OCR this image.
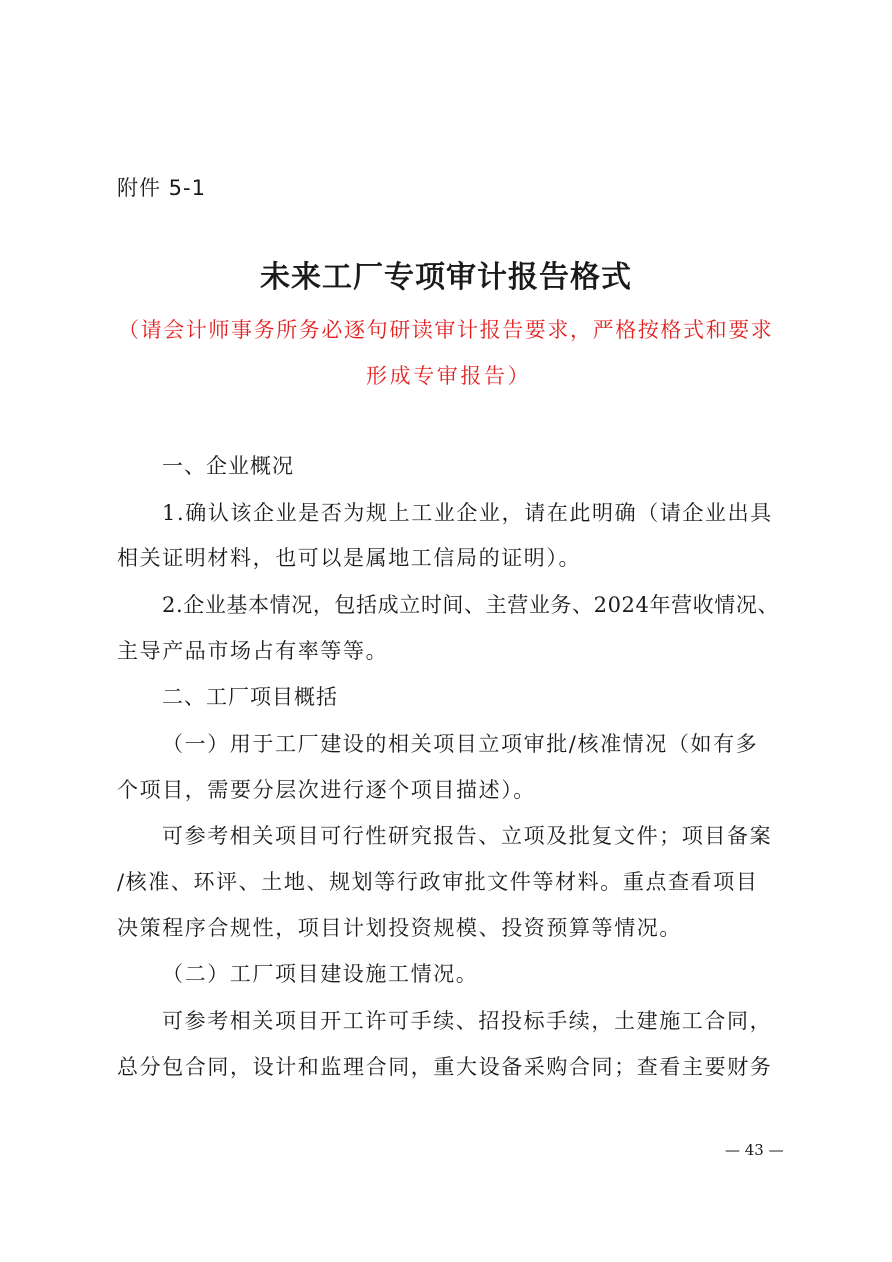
附件 5-1
未来工厂专项审计报告格式
（请会计师事务所务必逐句研读审计报告要求，严格按格式和要求
形成专审报告）
一、企业概况
1.确认该企业是否为规上工业企业，请在此明确（请企业出具
相关证明材料，也可以是属地工信局的证明）。
2.企业基本情况，包括成立时间、主营业务、2024年营收情况、
主导产品市场占有率等等。
二、工厂项目概括
（一）用于工厂建设的相关项目立项审批/核准情况（如有多
个项目，需要分层次进行逐个项目描述）。
可参考相关项目可行性研究报告、立项及批复文件；项目备案
/核准、环评、土地、规划等行政审批文件等材料。重点查看项目
决策程序合规性，项目计划投资规模、投资预算等情况。
（二）工厂项目建设施工情况。
可参考相关项目开工许可手续、招投标手续，土建施工合同，
总分包合同，设计和监理合同，重大设备采购合同；查看主要财务
— 43 —
